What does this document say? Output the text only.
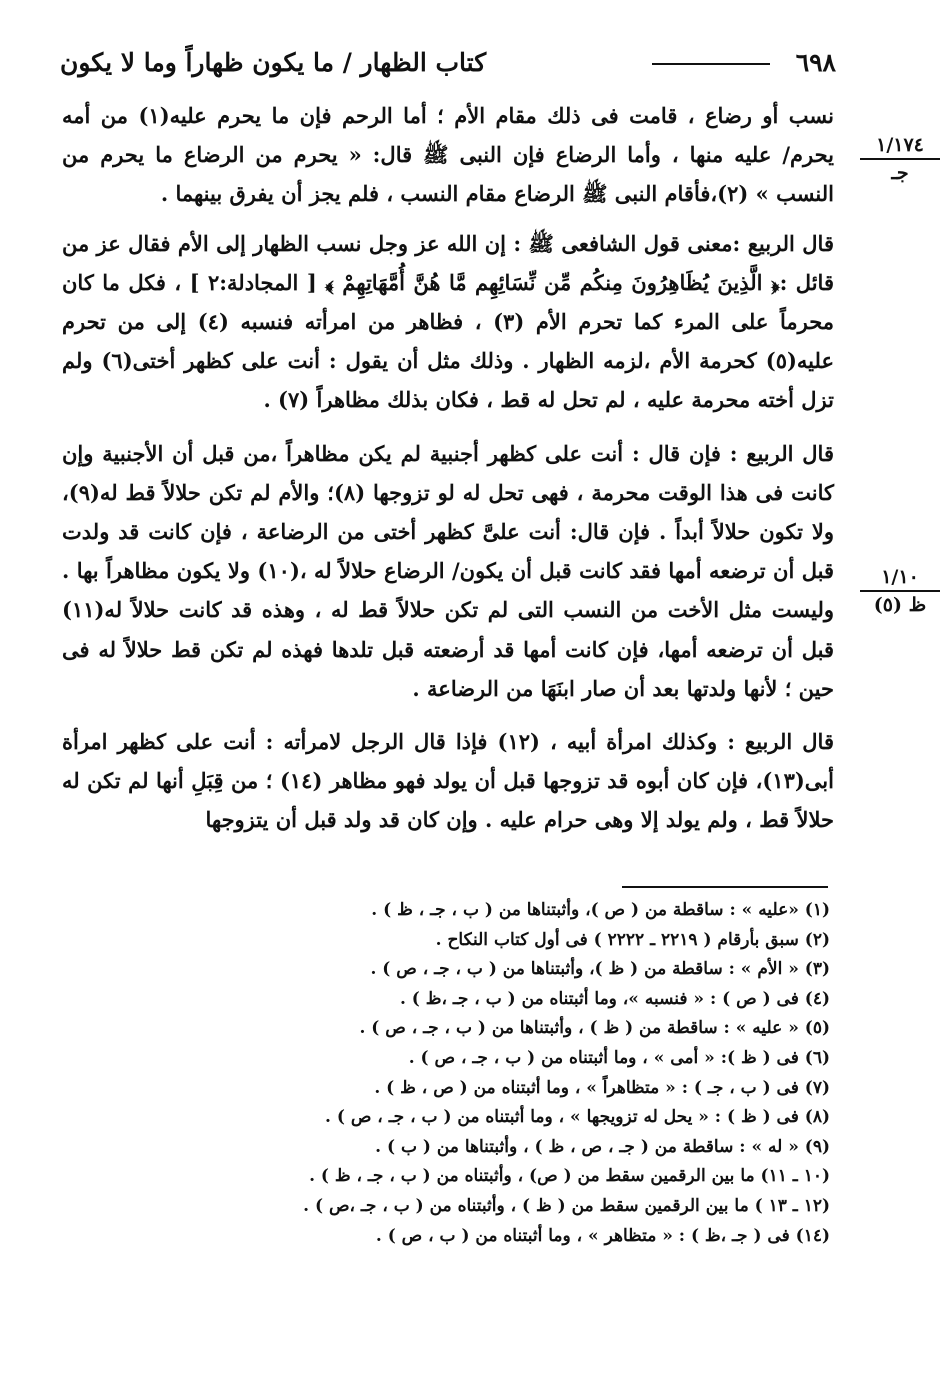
٦٩٨
كتاب الظهار / ما يكون ظهاراً وما لا يكون
١/١٧٤
جـ
١/١٠
ظ (٥)

نسب أو رضاع ، قامت فى ذلك مقام الأم ؛ أما الرحم فإن ما يحرم عليه(١) من أمه يحرم/ عليه منها ، وأما الرضاع فإن النبى ﷺ قال: « يحرم من الرضاع ما يحرم من النسب » (٢)،فأقام النبى ﷺ الرضاع مقام النسب ، فلم يجز أن يفرق بينهما .

قال الربيع :معنى قول الشافعى ﷺ : إن الله عز وجل نسب الظهار إلى الأم فقال عز من قائل :﴿ الَّذِينَ يُظَاهِرُونَ مِنكُم مِّن نِّسَائِهِم مَّا هُنَّ أُمَّهَاتِهِمْ ﴾ [ المجادلة:٢ ] ، فكل ما كان محرماً على المرء كما تحرم الأم (٣) ، فظاهر من امرأته فنسبه (٤) إلى من تحرم عليه(٥) كحرمة الأم ،لزمه الظهار . وذلك مثل أن يقول : أنت على كظهر أختى(٦) ولم تزل أخته محرمة عليه ، لم تحل له قط ، فكان بذلك مظاهراً (٧) .

قال الربيع : فإن قال : أنت على كظهر أجنبية لم يكن مظاهراً ،من قبل أن الأجنبية وإن كانت فى هذا الوقت محرمة ، فهى تحل له لو تزوجها (٨)؛ والأم لم تكن حلالاً قط له(٩)، ولا تكون حلالاً أبداً . فإن قال: أنت علىَّ كظهر أختى من الرضاعة ، فإن كانت قد ولدت قبل أن ترضعه أمها فقد كانت قبل أن يكون/ الرضاع حلالاً له ،(١٠) ولا يكون مظاهراً بها . وليست مثل الأخت من النسب التى لم تكن حلالاً قط له ، وهذه قد كانت حلالاً له(١١) قبل أن ترضعه أمها، فإن كانت أمها قد أرضعته قبل تلدها فهذه لم تكن قط حلالاً له فى حين ؛ لأنها ولدتها بعد أن صار ابنَهَا من الرضاعة .

قال الربيع : وكذلك امرأة أبيه ، (١٢) فإذا قال الرجل لامرأته : أنت على كظهر امرأة أبى(١٣)، فإن كان أبوه قد تزوجها قبل أن يولد فهو مظاهر (١٤) ؛ من قِبَلِ أنها لم تكن له حلالاً قط ، ولم يولد إلا وهى حرام عليه . وإن كان قد ولد قبل أن يتزوجها

(١) «عليه » : ساقطة من ( ص )، وأثبتناها من ( ب ، جـ ، ظ ) .
(٢) سبق بأرقام ( ٢٢١٩ ـ ٢٢٢٢ ) فى أول كتاب النكاح .
(٣) « الأم » : ساقطة من ( ظ )، وأثبتناها من ( ب ، جـ ، ص ) .
(٤) فى ( ص ) : « فنسبه »، وما أثبتناه من ( ب ، جـ ،ظ ) .
(٥) « عليه » : ساقطة من ( ظ ) ، وأثبتناها من ( ب ، جـ ، ص ) .
(٦) فى ( ظ ): « أمى » ، وما أثبتناه من ( ب ، جـ ، ص ) .
(٧) فى ( ب ، جـ ) : « متظاهراً » ، وما أثبتناه من ( ص ، ظ ) .
(٨) فى ( ظ ) : « يحل له تزويجها » ، وما أثبتناه من ( ب ، جـ ، ص ) .
(٩) « له » : ساقطة من ( جـ ، ص ، ظ ) ، وأثبتناها من ( ب ) .
(١٠ ـ ١١) ما بين الرقمين سقط من ( ص) ، وأثبتناه من ( ب ، جـ ، ظ ) .
(١٢ ـ ١٣ ) ما بين الرقمين سقط من ( ظ ) ، وأثبتناه من ( ب ، جـ ،ص ) .
(١٤) فى ( جـ ،ظ ) : « متظاهر » ، وما أثبتناه من ( ب ، ص ) .
